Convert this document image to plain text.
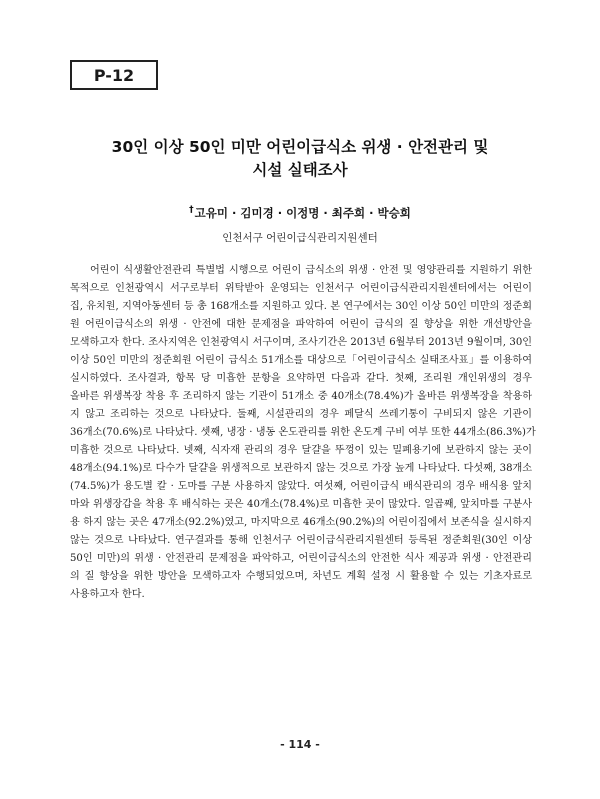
P-12
30인 이상 50인 미만 어린이급식소 위생 · 안전관리 및
시설 실태조사
†고유미 · 김미경 · 이정명 · 최주희 · 박승희
인천서구 어린이급식관리지원센터
어린이 식생활안전관리 특별법 시행으로 어린이 급식소의 위생 · 안전 및 영양관리를 지원하기 위한
목적으로 인천광역시 서구로부터 위탁받아 운영되는 인천서구 어린이급식관리지원센터에서는 어린이
집, 유치원, 지역아동센터 등 총 168개소를 지원하고 있다. 본 연구에서는 30인 이상 50인 미만의 정준회
원 어린이급식소의 위생 · 안전에 대한 문제점을 파악하여 어린이 급식의 질 향상을 위한 개선방안을
모색하고자 한다. 조사지역은 인천광역시 서구이며, 조사기간은 2013년 6월부터 2013년 9월이며, 30인
이상 50인 미만의 정준회원 어린이 급식소 51개소를 대상으로「어린이급식소 실태조사표」를 이용하여
실시하였다. 조사결과, 항목 당 미흡한 문항을 요약하면 다음과 같다. 첫째, 조리원 개인위생의 경우
올바른 위생복장 착용 후 조리하지 않는 기관이 51개소 중 40개소(78.4%)가 올바른 위생복장을 착용하
지 않고 조리하는 것으로 나타났다. 둘째, 시설관리의 경우 페달식 쓰레기통이 구비되지 않은 기관이
36개소(70.6%)로 나타났다. 셋째, 냉장 · 냉동 온도관리를 위한 온도계 구비 여부 또한 44개소(86.3%)가
미흡한 것으로 나타났다. 넷째, 식자재 관리의 경우 달걀을 뚜껑이 있는 밀폐용기에 보관하지 않는 곳이
48개소(94.1%)로 다수가 달걀을 위생적으로 보관하지 않는 것으로 가장 높게 나타났다. 다섯째, 38개소
(74.5%)가 용도별 칼 · 도마를 구분 사용하지 않았다. 여섯째, 어린이급식 배식관리의 경우 배식용 앞치
마와 위생장갑을 착용 후 배식하는 곳은 40개소(78.4%)로 미흡한 곳이 많았다. 일곱째, 앞치마를 구분사
용 하지 않는 곳은 47개소(92.2%)였고, 마지막으로 46개소(90.2%)의 어린이집에서 보존식을 실시하지
않는 것으로 나타났다. 연구결과를 통해 인천서구 어린이급식관리지원센터 등록된 정준회원(30인 이상
50인 미만)의 위생 · 안전관리 문제점을 파악하고, 어린이급식소의 안전한 식사 제공과 위생 · 안전관리
의 질 향상을 위한 방안을 모색하고자 수행되었으며, 차년도 계획 설정 시 활용할 수 있는 기초자료로
사용하고자 한다.
- 114 -
